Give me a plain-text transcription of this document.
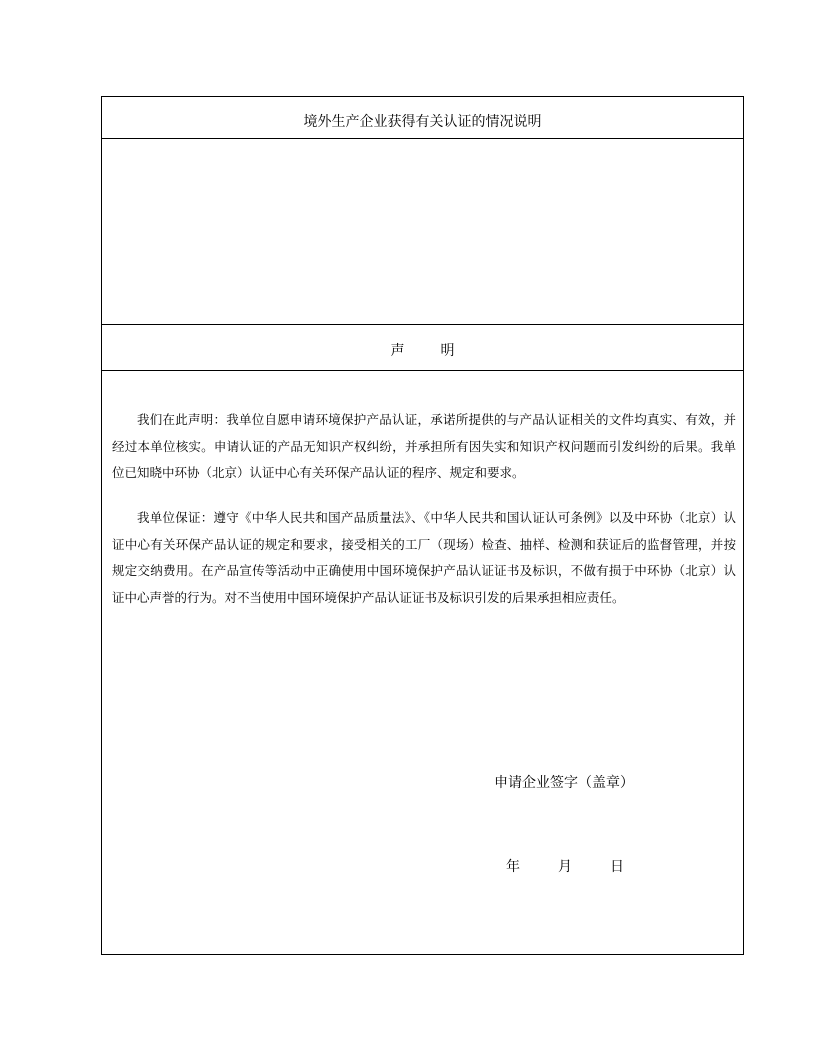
境外生产企业获得有关认证的情况说明
声	明
我们在此声明：我单位自愿申请环境保护产品认证，承诺所提供的与产品认证相关的文件均真实、有效，并经过本单位核实。申请认证的产品无知识产权纠纷，并承担所有因失实和知识产权问题而引发纠纷的后果。我单位已知晓中环协（北京）认证中心有关环保产品认证的程序、规定和要求。
我单位保证：遵守《中华人民共和国产品质量法》、《中华人民共和国认证认可条例》以及中环协（北京）认证中心有关环保产品认证的规定和要求，接受相关的工厂（现场）检查、抽样、检测和获证后的监督管理，并按规定交纳费用。在产品宣传等活动中正确使用中国环境保护产品认证证书及标识，不做有损于中环协（北京）认证中心声誉的行为。对不当使用中国环境保护产品认证证书及标识引发的后果承担相应责任。
申请企业签字（盖章）
年	月	日
